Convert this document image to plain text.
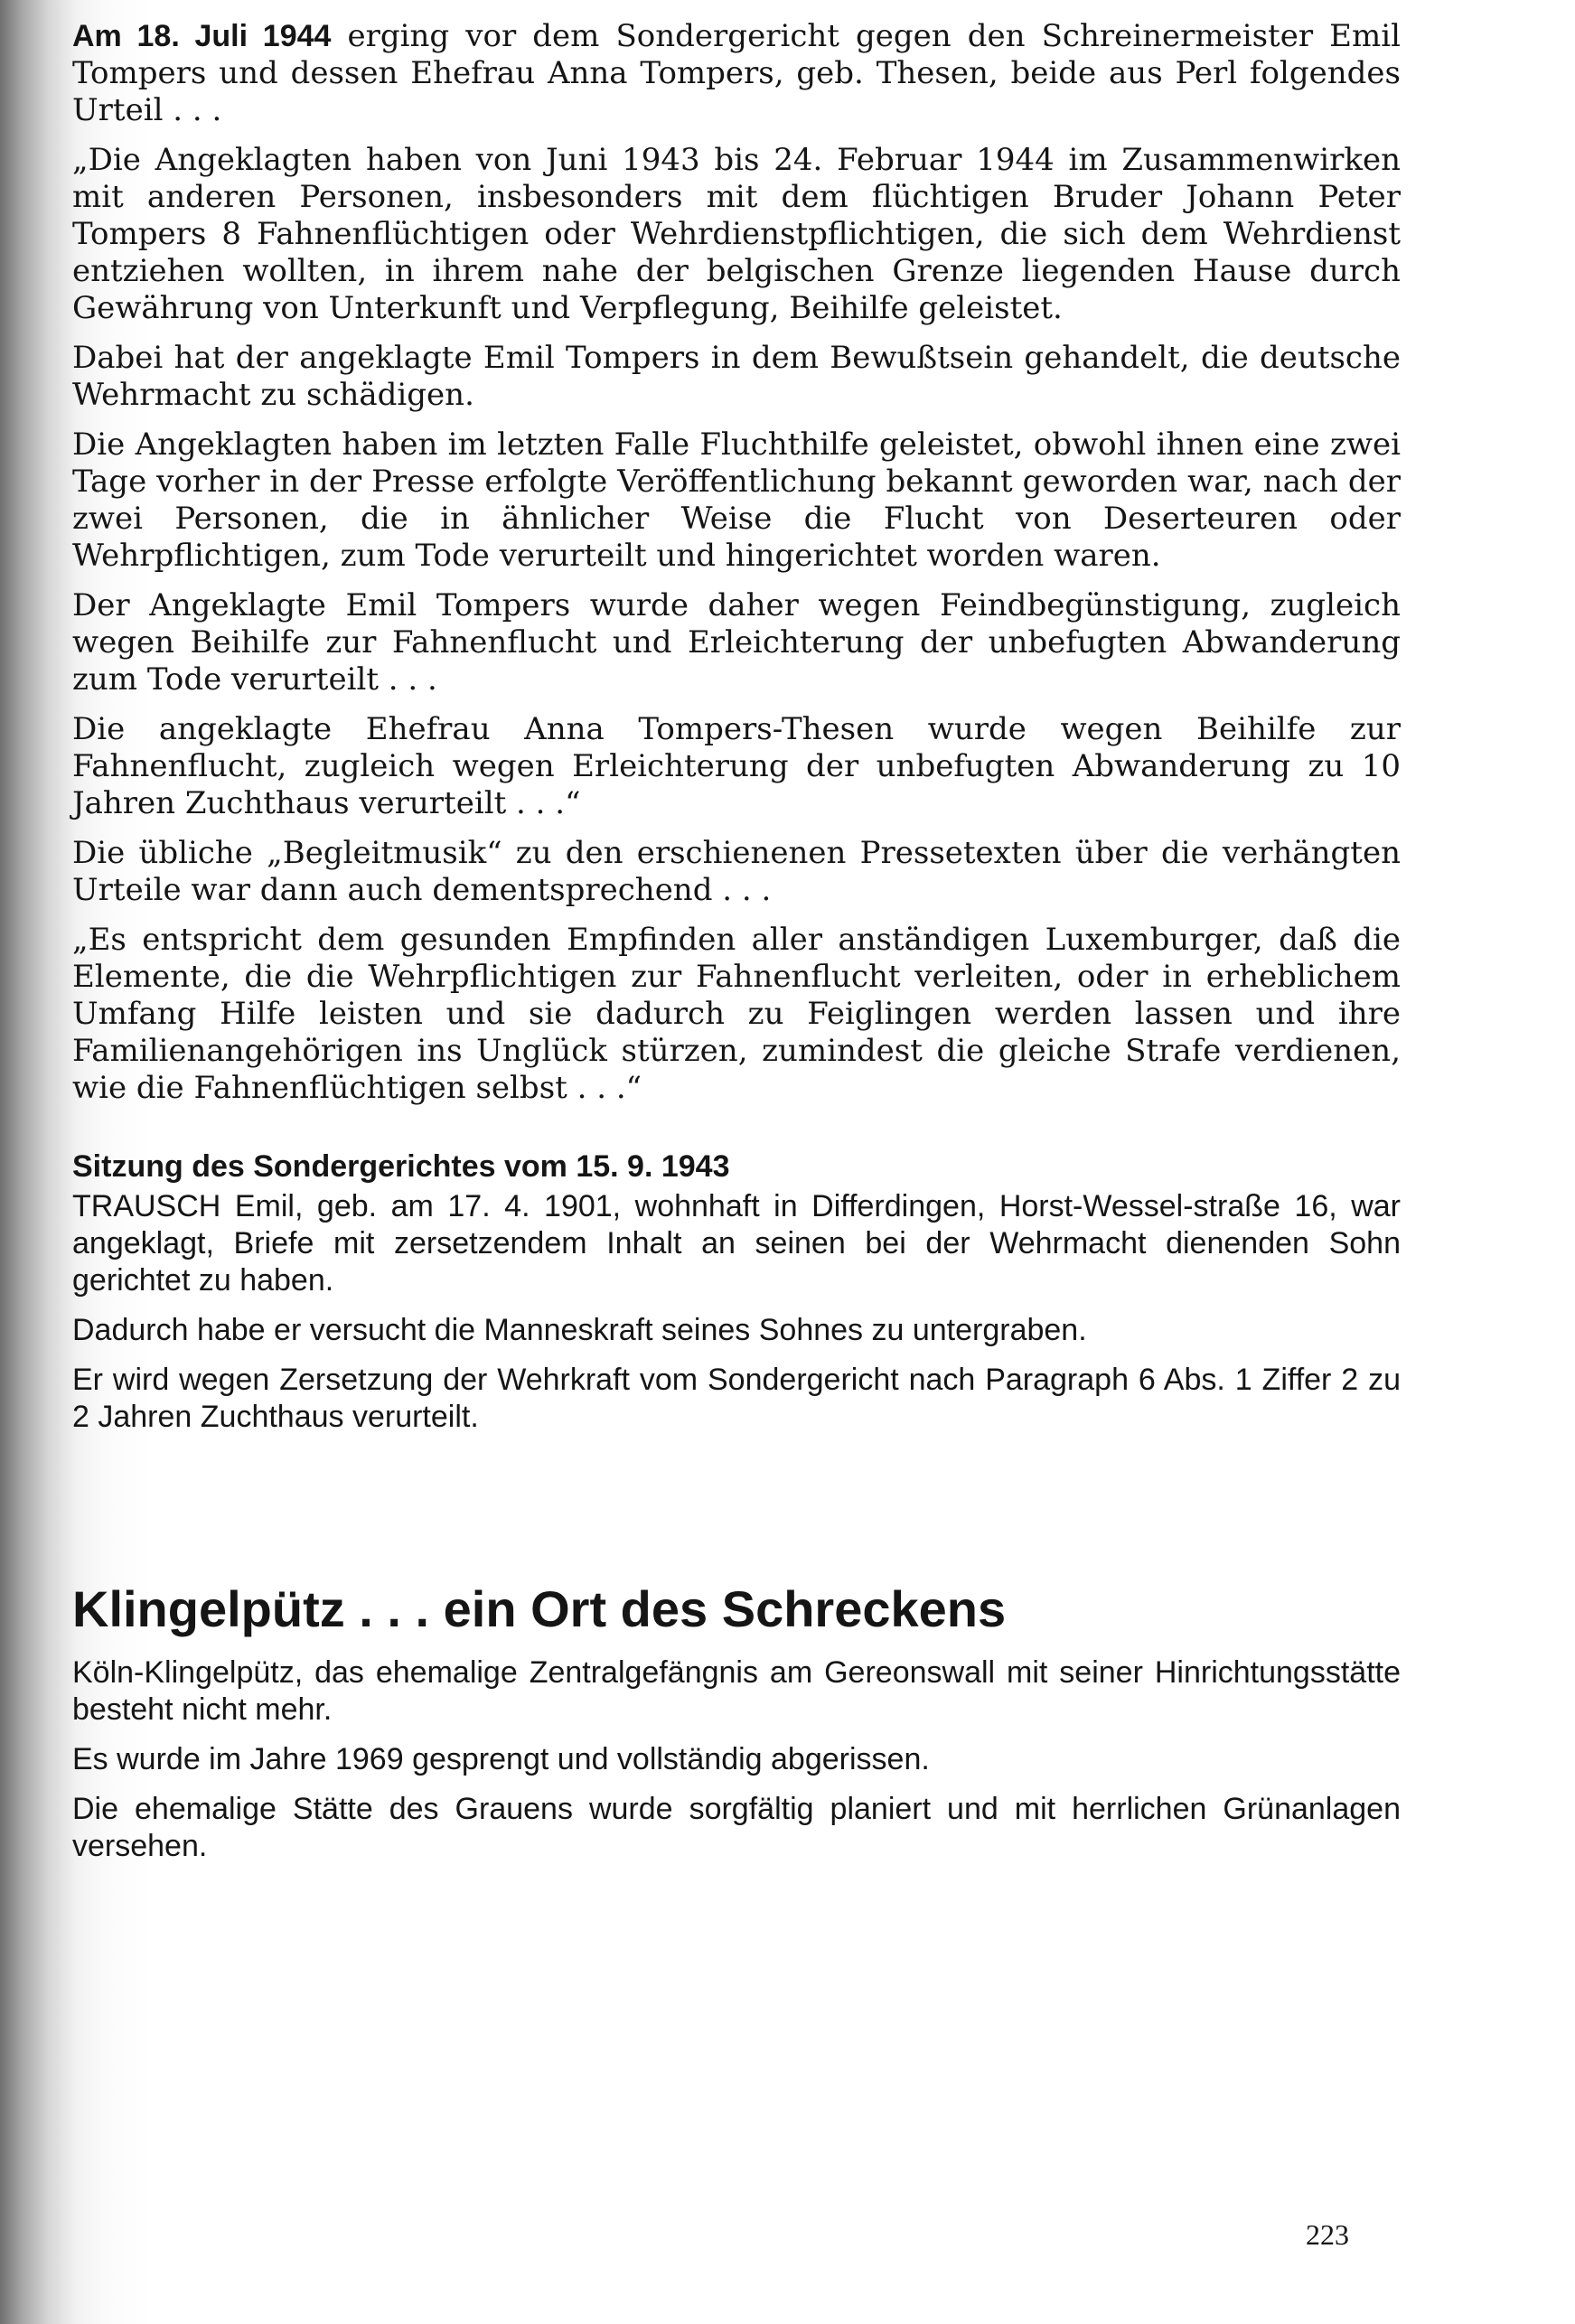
Am 18. Juli 1944 erging vor dem Sondergericht gegen den Schreinermeister Emil Tompers und dessen Ehefrau Anna Tompers, geb. Thesen, beide aus Perl folgendes Urteil . . .

„Die Angeklagten haben von Juni 1943 bis 24. Februar 1944 im Zusammenwirken mit anderen Personen, insbesonders mit dem flüchtigen Bruder Johann Peter Tompers 8 Fahnenflüchtigen oder Wehrdienstpflichtigen, die sich dem Wehrdienst entziehen wollten, in ihrem nahe der belgischen Grenze liegenden Hause durch Gewährung von Unterkunft und Verpflegung, Beihilfe geleistet.

Dabei hat der angeklagte Emil Tompers in dem Bewußtsein gehandelt, die deutsche Wehrmacht zu schädigen.

Die Angeklagten haben im letzten Falle Fluchthilfe geleistet, obwohl ihnen eine zwei Tage vorher in der Presse erfolgte Veröffentlichung bekannt geworden war, nach der zwei Personen, die in ähnlicher Weise die Flucht von Deserteuren oder Wehrpflichtigen, zum Tode verurteilt und hingerichtet worden waren.

Der Angeklagte Emil Tompers wurde daher wegen Feindbegünstigung, zugleich wegen Beihilfe zur Fahnenflucht und Erleichterung der unbefugten Abwanderung zum Tode verurteilt . . .

Die angeklagte Ehefrau Anna Tompers-Thesen wurde wegen Beihilfe zur Fahnenflucht, zugleich wegen Erleichterung der unbefugten Abwanderung zu 10 Jahren Zuchthaus verurteilt . . .“

Die übliche „Begleitmusik“ zu den erschienenen Pressetexten über die verhängten Urteile war dann auch dementsprechend . . .

„Es entspricht dem gesunden Empfinden aller anständigen Luxemburger, daß die Elemente, die die Wehrpflichtigen zur Fahnenflucht verleiten, oder in erheblichem Umfang Hilfe leisten und sie dadurch zu Feiglingen werden lassen und ihre Familienangehörigen ins Unglück stürzen, zumindest die gleiche Strafe verdienen, wie die Fahnenflüchtigen selbst . . .“

Sitzung des Sondergerichtes vom 15. 9. 1943

TRAUSCH Emil, geb. am 17. 4. 1901, wohnhaft in Differdingen, Horst-Wessel-straße 16, war angeklagt, Briefe mit zersetzendem Inhalt an seinen bei der Wehrmacht dienenden Sohn gerichtet zu haben.

Dadurch habe er versucht die Manneskraft seines Sohnes zu untergraben.

Er wird wegen Zersetzung der Wehrkraft vom Sondergericht nach Paragraph 6 Abs. 1 Ziffer 2 zu 2 Jahren Zuchthaus verurteilt.

Klingelpütz . . . ein Ort des Schreckens

Köln-Klingelpütz, das ehemalige Zentralgefängnis am Gereonswall mit seiner Hinrichtungsstätte besteht nicht mehr.

Es wurde im Jahre 1969 gesprengt und vollständig abgerissen.

Die ehemalige Stätte des Grauens wurde sorgfältig planiert und mit herrlichen Grünanlagen versehen.

223
